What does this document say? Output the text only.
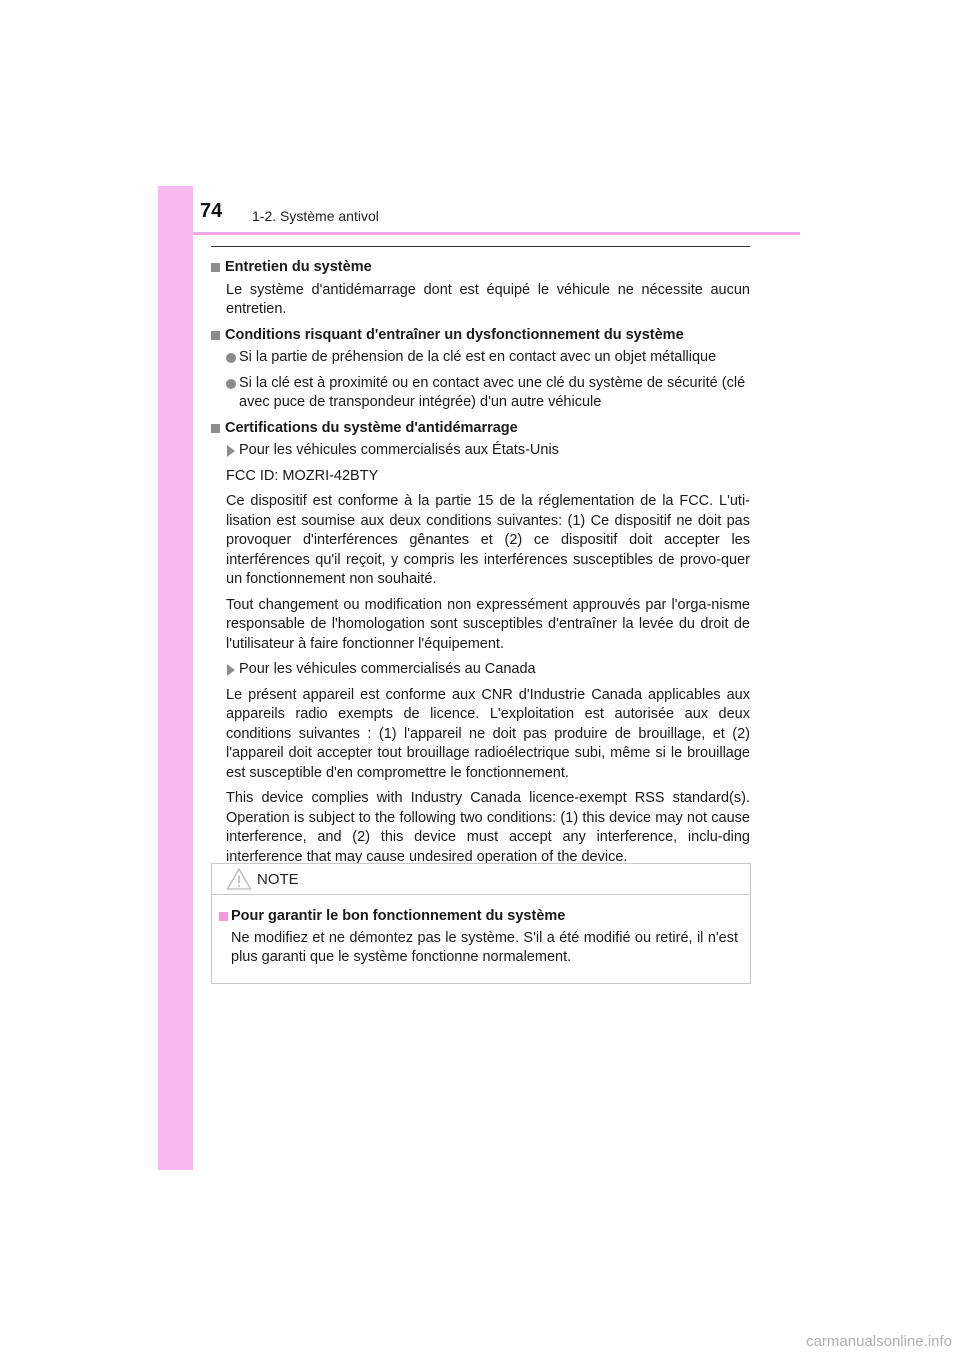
74 1-2. Système antivol

Entretien du système

Le système d'antidémarrage dont est équipé le véhicule ne nécessite aucun entretien.

Conditions risquant d'entraîner un dysfonctionnement du système

Si la partie de préhension de la clé est en contact avec un objet métallique

Si la clé est à proximité ou en contact avec une clé du système de sécurité (clé avec puce de transpondeur intégrée) d'un autre véhicule

Certifications du système d'antidémarrage

Pour les véhicules commercialisés aux États-Unis

FCC ID: MOZRI-42BTY

Ce dispositif est conforme à la partie 15 de la réglementation de la FCC. L'uti-lisation est soumise aux deux conditions suivantes: (1) Ce dispositif ne doit pas provoquer d'interférences gênantes et (2) ce dispositif doit accepter les interférences qu'il reçoit, y compris les interférences susceptibles de provo-quer un fonctionnement non souhaité.

Tout changement ou modification non expressément approuvés par l'orga-nisme responsable de l'homologation sont susceptibles d'entraîner la levée du droit de l'utilisateur à faire fonctionner l'équipement.

Pour les véhicules commercialisés au Canada

Le présent appareil est conforme aux CNR d'Industrie Canada applicables aux appareils radio exempts de licence. L'exploitation est autorisée aux deux conditions suivantes : (1) l'appareil ne doit pas produire de brouillage, et (2) l'appareil doit accepter tout brouillage radioélectrique subi, même si le brouillage est susceptible d'en compromettre le fonctionnement.

This device complies with Industry Canada licence-exempt RSS standard(s). Operation is subject to the following two conditions: (1) this device may not cause interference, and (2) this device must accept any interference, inclu-ding interference that may cause undesired operation of the device.

NOTE
Pour garantir le bon fonctionnement du système
Ne modifiez et ne démontez pas le système. S'il a été modifié ou retiré, il n'est plus garanti que le système fonctionne normalement.
carmanualsonline.info
